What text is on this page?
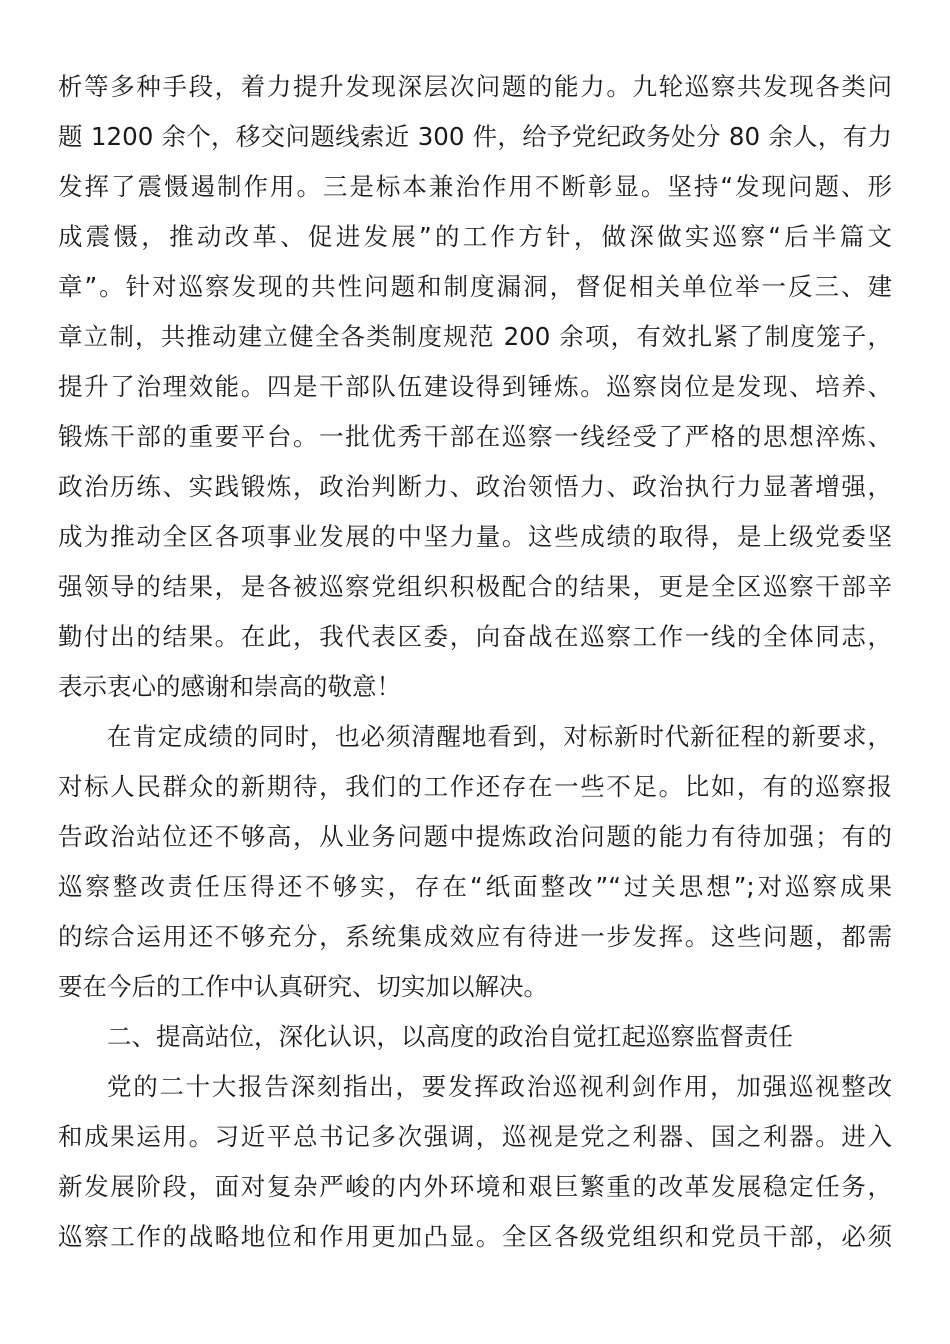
析等多种手段，着力提升发现深层次问题的能力。九轮巡察共发现各类问
题 1200 余个，移交问题线索近 300 件，给予党纪政务处分 80 余人，有力
发挥了震慑遏制作用。三是标本兼治作用不断彰显。坚持“发现问题、形
成震慑，推动改革、促进发展”的工作方针，做深做实巡察“后半篇文
章”。针对巡察发现的共性问题和制度漏洞，督促相关单位举一反三、建
章立制，共推动建立健全各类制度规范 200 余项，有效扎紧了制度笼子，
提升了治理效能。四是干部队伍建设得到锤炼。巡察岗位是发现、培养、
锻炼干部的重要平台。一批优秀干部在巡察一线经受了严格的思想淬炼、
政治历练、实践锻炼，政治判断力、政治领悟力、政治执行力显著增强，
成为推动全区各项事业发展的中坚力量。这些成绩的取得，是上级党委坚
强领导的结果，是各被巡察党组织积极配合的结果，更是全区巡察干部辛
勤付出的结果。在此，我代表区委，向奋战在巡察工作一线的全体同志，
表示衷心的感谢和崇高的敬意！
在肯定成绩的同时，也必须清醒地看到，对标新时代新征程的新要求，
对标人民群众的新期待，我们的工作还存在一些不足。比如，有的巡察报
告政治站位还不够高，从业务问题中提炼政治问题的能力有待加强；有的
巡察整改责任压得还不够实，存在“纸面整改”“过关思想”;对巡察成果
的综合运用还不够充分，系统集成效应有待进一步发挥。这些问题，都需
要在今后的工作中认真研究、切实加以解决。
二、提高站位，深化认识，以高度的政治自觉扛起巡察监督责任
党的二十大报告深刻指出，要发挥政治巡视利剑作用，加强巡视整改
和成果运用。习近平总书记多次强调，巡视是党之利器、国之利器。进入
新发展阶段，面对复杂严峻的内外环境和艰巨繁重的改革发展稳定任务，
巡察工作的战略地位和作用更加凸显。全区各级党组织和党员干部，必须
